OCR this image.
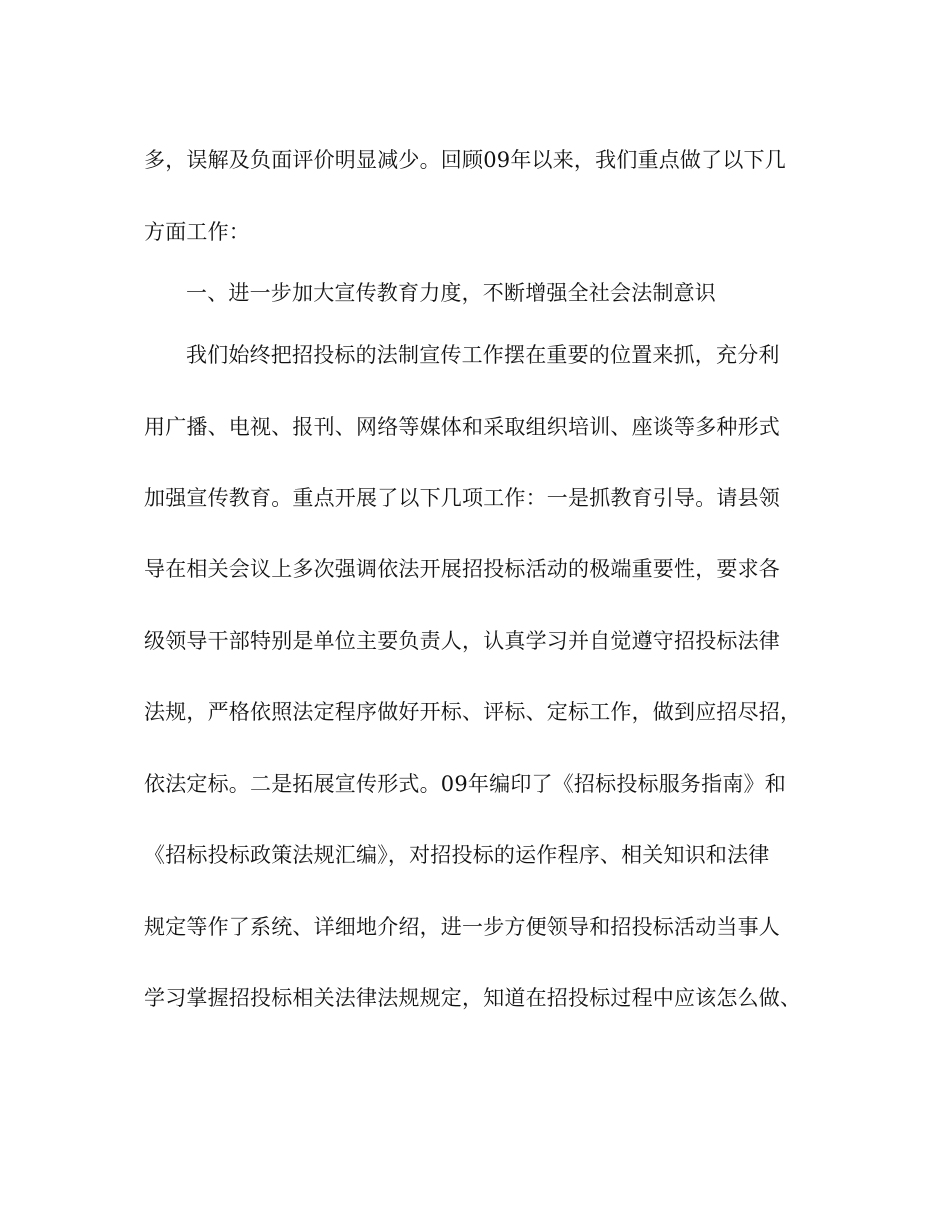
多，误解及负面评价明显减少。回顾09年以来，我们重点做了以下几
方面工作：
一、进一步加大宣传教育力度，不断增强全社会法制意识
我们始终把招投标的法制宣传工作摆在重要的位置来抓，充分利
用广播、电视、报刊、网络等媒体和采取组织培训、座谈等多种形式
加强宣传教育。重点开展了以下几项工作：一是抓教育引导。请县领
导在相关会议上多次强调依法开展招投标活动的极端重要性，要求各
级领导干部特别是单位主要负责人，认真学习并自觉遵守招投标法律
法规，严格依照法定程序做好开标、评标、定标工作，做到应招尽招，
依法定标。二是拓展宣传形式。09年编印了《招标投标服务指南》和
《招标投标政策法规汇编》，对招投标的运作程序、相关知识和法律
规定等作了系统、详细地介绍，进一步方便领导和招投标活动当事人
学习掌握招投标相关法律法规规定，知道在招投标过程中应该怎么做、
